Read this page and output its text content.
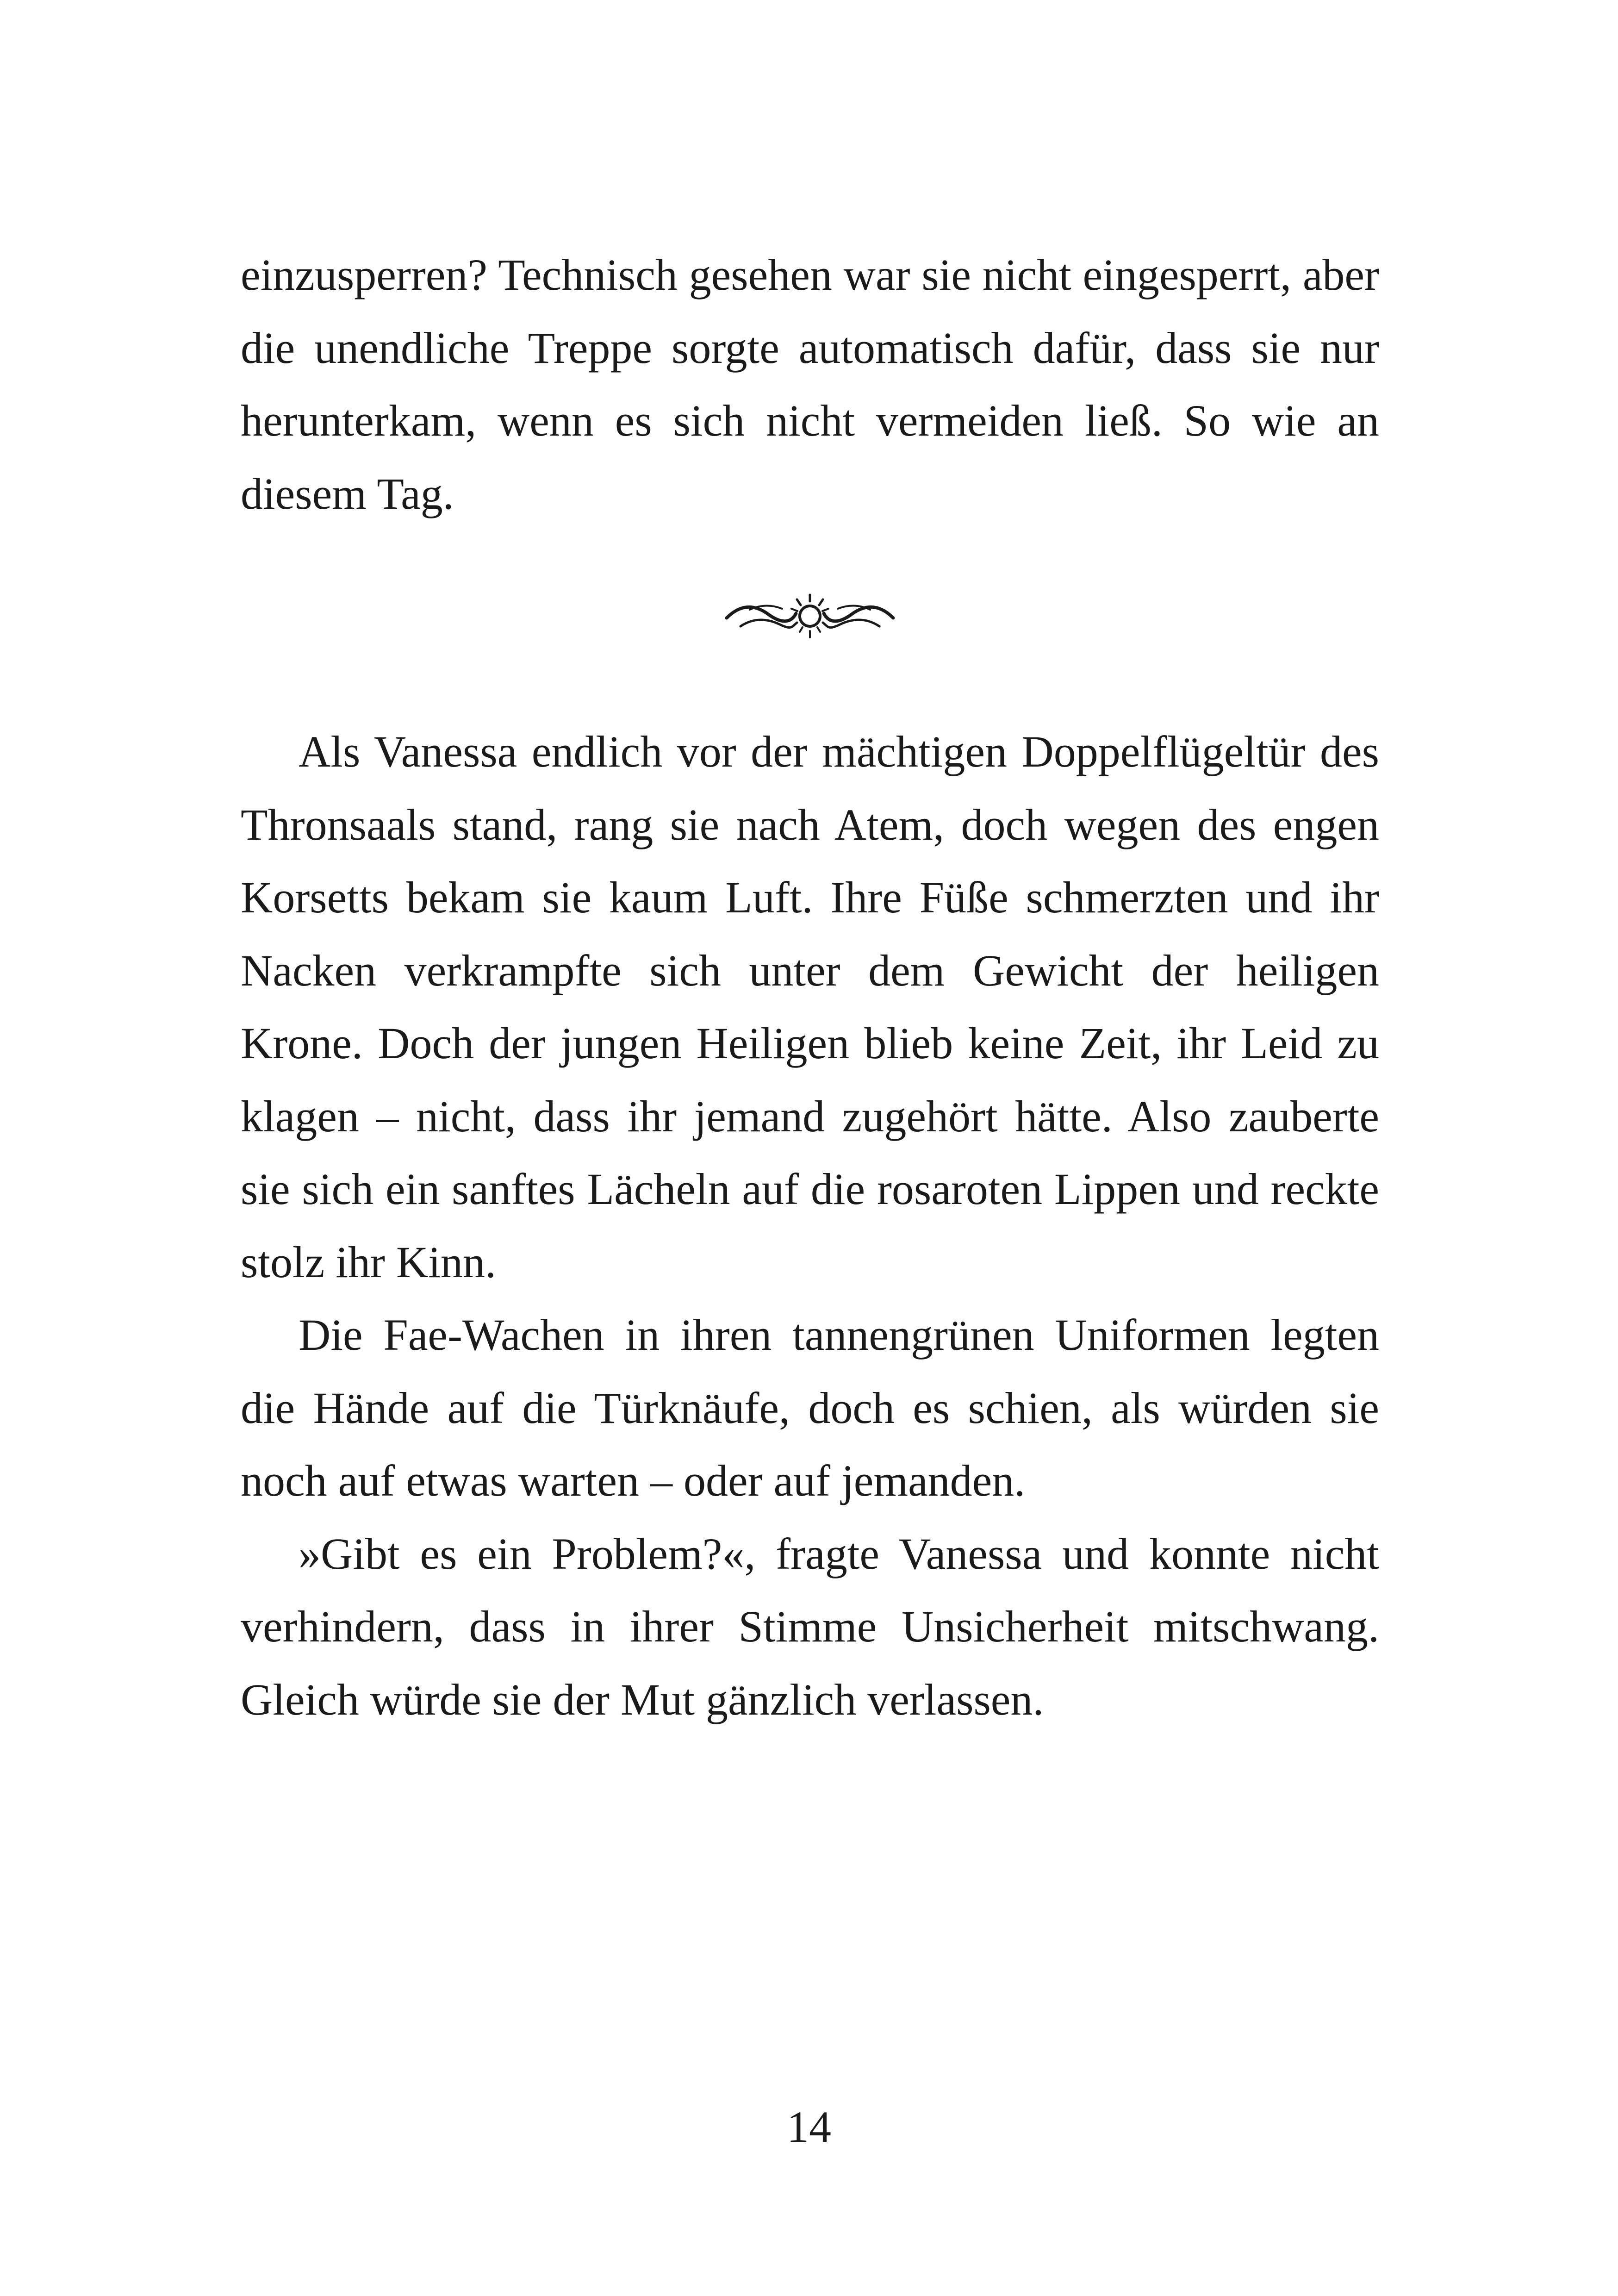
einzusperren? Technisch gesehen war sie nicht eingesperrt, aber die unendliche Treppe sorgte automatisch dafür, dass sie nur herunterkam, wenn es sich nicht vermeiden ließ. So wie an diesem Tag.

Als Vanessa endlich vor der mächtigen Doppelflügeltür des Thronsaals stand, rang sie nach Atem, doch wegen des engen Korsetts bekam sie kaum Luft. Ihre Füße schmerzten und ihr Nacken verkrampfte sich unter dem Gewicht der heiligen Krone. Doch der jungen Heiligen blieb keine Zeit, ihr Leid zu klagen – nicht, dass ihr jemand zugehört hätte. Also zauberte sie sich ein sanftes Lächeln auf die rosaroten Lippen und reckte stolz ihr Kinn.

Die Fae-Wachen in ihren tannengrünen Uniformen legten die Hände auf die Türknäufe, doch es schien, als würden sie noch auf etwas warten – oder auf jemanden.

»Gibt es ein Problem?«, fragte Vanessa und konnte nicht verhindern, dass in ihrer Stimme Unsicherheit mitschwang. Gleich würde sie der Mut gänzlich verlassen.

14
